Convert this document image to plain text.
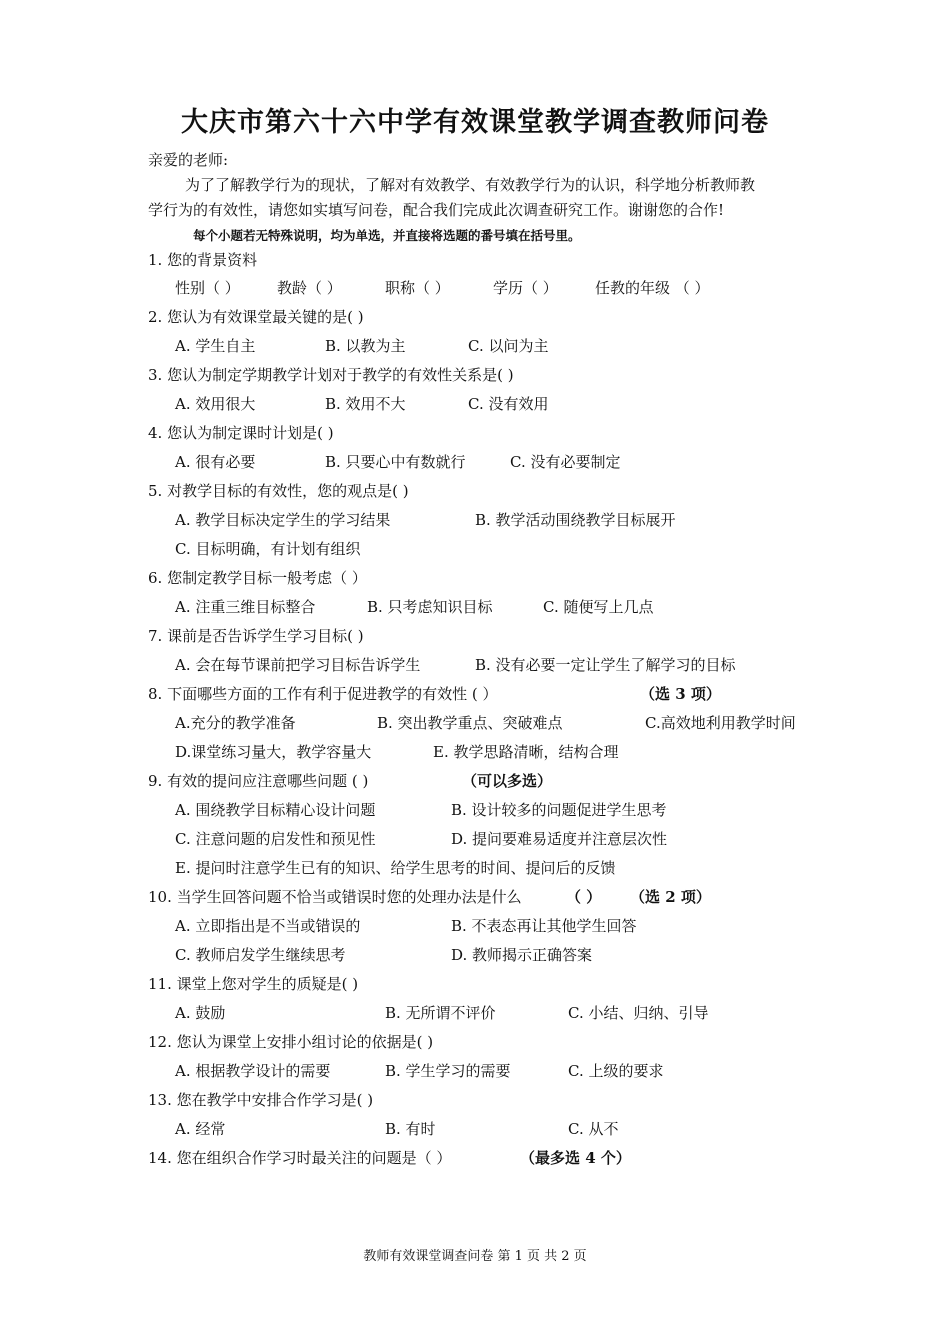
大庆市第六十六中学有效课堂教学调查教师问卷
亲爱的老师:
为了了解教学行为的现状，了解对有效教学、有效教学行为的认识，科学地分析教师教
学行为的有效性，请您如实填写问卷，配合我们完成此次调查研究工作。谢谢您的合作!
每个小题若无特殊说明，均为单选，并直接将选题的番号填在括号里。
1. 您的背景资料
性别（ ） 教龄（ ）	职称（ ）	学历（ ） 任教的年级 （ ）
2. 您认为有效课堂最关键的是( )
A. 学生自主	B. 以教为主	C. 以问为主
3. 您认为制定学期教学计划对于教学的有效性关系是( )
A. 效用很大	B. 效用不大	C. 没有效用
4. 您认为制定课时计划是( )
A. 很有必要	B. 只要心中有数就行	C. 没有必要制定
5. 对教学目标的有效性，您的观点是( )
A. 教学目标决定学生的学习结果	B. 教学活动围绕教学目标展开
C. 目标明确，有计划有组织
6. 您制定教学目标一般考虑（ ）
A. 注重三维目标整合	B. 只考虑知识目标	C. 随便写上几点
7. 课前是否告诉学生学习目标( )
A. 会在每节课前把学习目标告诉学生	B. 没有必要一定让学生了解学习的目标
8. 下面哪些方面的工作有利于促进教学的有效性 ( ）	（选 3 项）
A.充分的教学准备	B. 突出教学重点、突破难点	C.高效地利用教学时间
D.课堂练习量大，教学容量大	E. 教学思路清晰，结构合理
9. 有效的提问应注意哪些问题 ( )	（可以多选）
A. 围绕教学目标精心设计问题	B. 设计较多的问题促进学生思考
C. 注意问题的启发性和预见性	D. 提问要难易适度并注意层次性
E. 提问时注意学生已有的知识、给学生思考的时间、提问后的反馈
10. 当学生回答问题不恰当或错误时您的处理办法是什么	（ ） （选 2 项）
A. 立即指出是不当或错误的	B. 不表态再让其他学生回答
C. 教师启发学生继续思考	D. 教师揭示正确答案
11. 课堂上您对学生的质疑是( )
A. 鼓励	B. 无所谓不评价	C. 小结、归纳、引导
12. 您认为课堂上安排小组讨论的依据是( )
A. 根据教学设计的需要	B. 学生学习的需要	C. 上级的要求
13. 您在教学中安排合作学习是( )
A. 经常	B. 有时	C. 从不
14. 您在组织合作学习时最关注的问题是（ ）	（最多选 4 个）
教师有效课堂调查问卷 第 1 页 共 2 页
